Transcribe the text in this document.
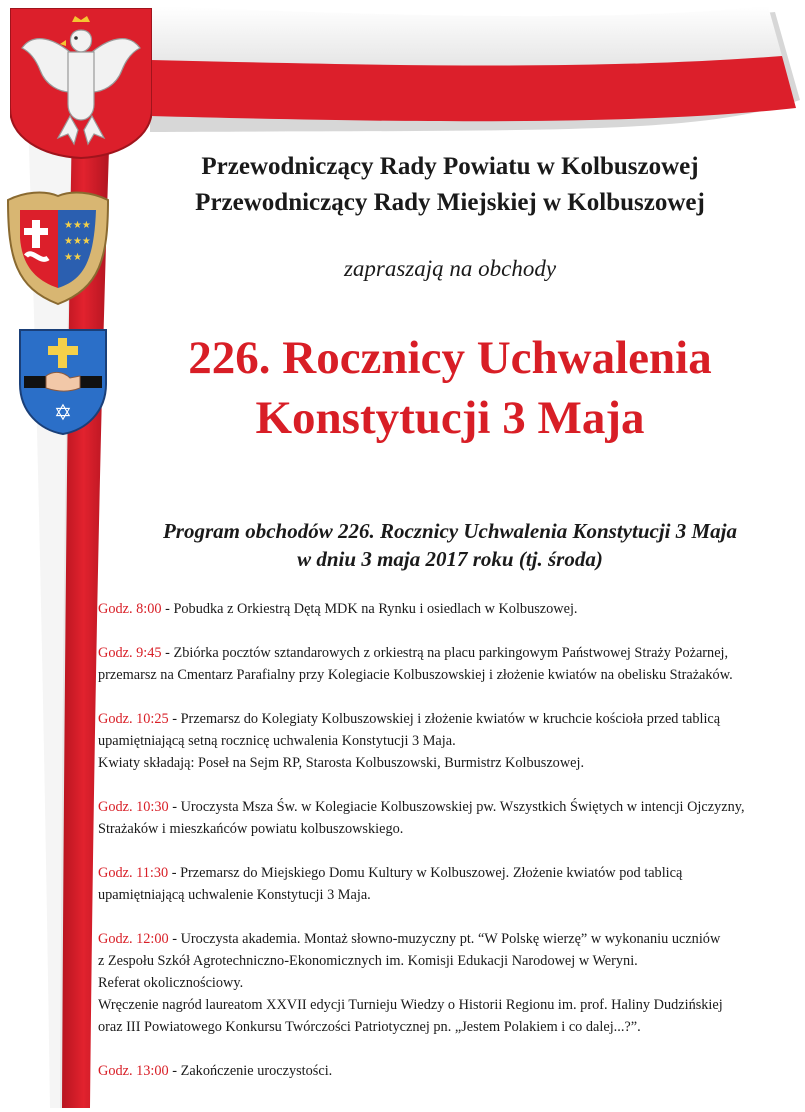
★★★
★★★
★★
✡
Przewodniczący Rady Powiatu w Kolbuszowej
Przewodniczący Rady Miejskiej w Kolbuszowej
zapraszają na obchody
226. Rocznicy Uchwalenia
Konstytucji 3 Maja
Program obchodów 226. Rocznicy Uchwalenia Konstytucji 3 Maja
w dniu 3 maja 2017 roku (tj. środa)

Godz. 8:00 - Pobudka z Orkiestrą Dętą MDK na Rynku i osiedlach w Kolbuszowej.

Godz. 9:45 - Zbiórka pocztów sztandarowych z orkiestrą na placu parkingowym Państwowej Straży Pożarnej,

przemarsz na Cmentarz Parafialny przy Kolegiacie Kolbuszowskiej i złożenie kwiatów na obelisku Strażaków.

Godz. 10:25 - Przemarsz do Kolegiaty Kolbuszowskiej i złożenie kwiatów w kruchcie kościoła przed tablicą

upamiętniającą setną rocznicę uchwalenia Konstytucji 3 Maja.

Kwiaty składają: Poseł na Sejm RP, Starosta Kolbuszowski, Burmistrz Kolbuszowej.

Godz. 10:30 - Uroczysta Msza Św. w Kolegiacie Kolbuszowskiej pw. Wszystkich Świętych w intencji Ojczyzny,

Strażaków i mieszkańców powiatu kolbuszowskiego.

Godz. 11:30 - Przemarsz do Miejskiego Domu Kultury w Kolbuszowej. Złożenie kwiatów pod tablicą

upamiętniającą uchwalenie Konstytucji 3 Maja.

Godz. 12:00 - Uroczysta akademia. Montaż słowno-muzyczny pt. “W Polskę wierzę” w wykonaniu uczniów

z Zespołu Szkół Agrotechniczno-Ekonomicznych im. Komisji Edukacji Narodowej w Weryni.

Referat okolicznościowy.

Wręczenie nagród laureatom XXVII edycji Turnieju Wiedzy o Historii Regionu im. prof. Haliny Dudzińskiej

oraz III Powiatowego Konkursu Twórczości Patriotycznej pn. „Jestem Polakiem i co dalej...?”.

Godz. 13:00 - Zakończenie uroczystości.
